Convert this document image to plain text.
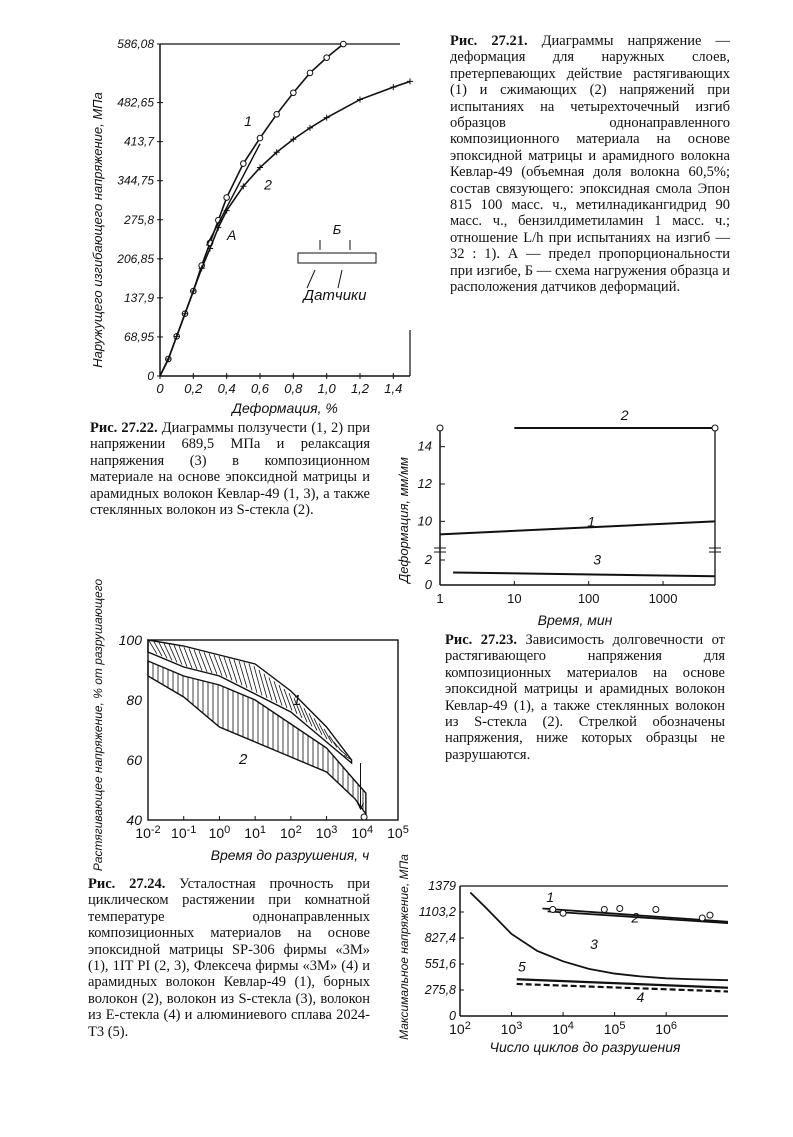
Наружущего изгибающего напряжение, МПа
0
68,95
137,9
206,85
275,8
344,75
413,7
482,65
586,08
0 0,2 0,4 0,6 0,8 1,0 1,2 1,4
1
2
А	Б
Датчики
Деформация, %
Рис. 27.21. Диаграммы напряжение — деформация для наружных слоев, претерпевающих действие растягивающих (1) и сжимающих (2) напряжений при испытаниях на четырехточечный изгиб образцов однонаправленного композиционного материала на основе эпоксидной матрицы и арамидного волокна Кевлар-49 (объемная доля волокна 60,5%; состав связующего: эпоксидная смола Эпон 815 100 масс. ч., метилнадикангидрид 90 масс. ч., бензилдиметиламин 1 масс. ч.; отношение L/h при испытаниях на изгиб — 32 : 1). А — предел пропорциональности при изгибе, Б — схема нагружения образца и расположения датчиков деформаций.
Рис. 27.22. Диаграммы ползучести (1, 2) при напряжении 689,5 МПа и релаксация напряжения (3) в композиционном материале на основе эпоксидной матрицы и арамидных волокон Кевлар-49 (1, 3), а также стеклянных волокон из S-стекла (2).	Деформация, мм/мм
0
2
10
12
14
1	10	100	1000
1
2
3
Время, мин
Растягивающее напряжение, % от разрушающего 40
60
80
100
$10^{-2}$ $10^{-1}$ $10^0$ $10^1$ $10^2$ $10^3$ $10^4$ $10^5$
1
2
Время до разрушения, ч
Рис. 27.23. Зависимость долговечности от растягивающего напряжения для композиционных материалов на основе эпоксидной матрицы и арамидных волокон Кевлар-49 (1), а также стеклянных волокон из S-стекла (2). Стрелкой обозначены напряжения, ниже которых образцы не разрушаются.
Рис. 27.24. Усталостная прочность при циклическом растяжении при комнатной температуре однонаправленных композиционных материалов на основе эпоксидной матрицы SP-306 фирмы «3M» (1), 1IT PI (2, 3), Флексеча фирмы «3M» (4) и арамидных волокон Кевлар-49 (1), борных волокон (2), волокон из S-стекла (3), волокон из Е-стекла (4) и алюминиевого сплава 2024-Т3 (5).	Максимальное напряжение, МПа	0
275,8
551,6
827,4
1103,2
1379
$10^2$ $10^3$ $10^4$ $10^5$ $10^6$
1
2
3
4
5
Число циклов до разрушения
